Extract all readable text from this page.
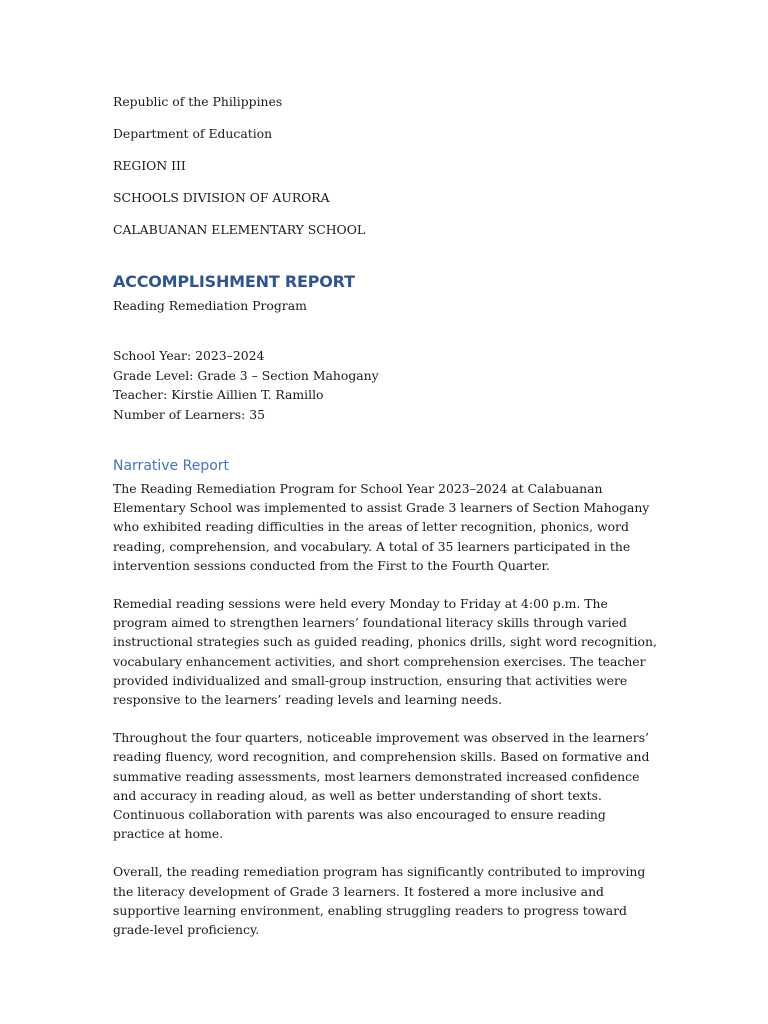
Republic of the Philippines

Department of Education

REGION III

SCHOOLS DIVISION OF AURORA

CALABUANAN ELEMENTARY SCHOOL

ACCOMPLISHMENT REPORT

Reading Remediation Program

School Year: 2023–2024

Grade Level: Grade 3 – Section Mahogany

Teacher: Kirstie Aillien T. Ramillo

Number of Learners: 35

Narrative Report

The Reading Remediation Program for School Year 2023–2024 at Calabuanan Elementary School was implemented to assist Grade 3 learners of Section Mahogany who exhibited reading difficulties in the areas of letter recognition, phonics, word reading, comprehension, and vocabulary. A total of 35 learners participated in the intervention sessions conducted from the First to the Fourth Quarter.

Remedial reading sessions were held every Monday to Friday at 4:00 p.m. The program aimed to strengthen learners’ foundational literacy skills through varied instructional strategies such as guided reading, phonics drills, sight word recognition, vocabulary enhancement activities, and short comprehension exercises. The teacher provided individualized and small-group instruction, ensuring that activities were responsive to the learners’ reading levels and learning needs.

Throughout the four quarters, noticeable improvement was observed in the learners’ reading fluency, word recognition, and comprehension skills. Based on formative and summative reading assessments, most learners demonstrated increased confidence and accuracy in reading aloud, as well as better understanding of short texts. Continuous collaboration with parents was also encouraged to ensure reading practice at home.

Overall, the reading remediation program has significantly contributed to improving the literacy development of Grade 3 learners. It fostered a more inclusive and supportive learning environment, enabling struggling readers to progress toward grade-level proficiency.
